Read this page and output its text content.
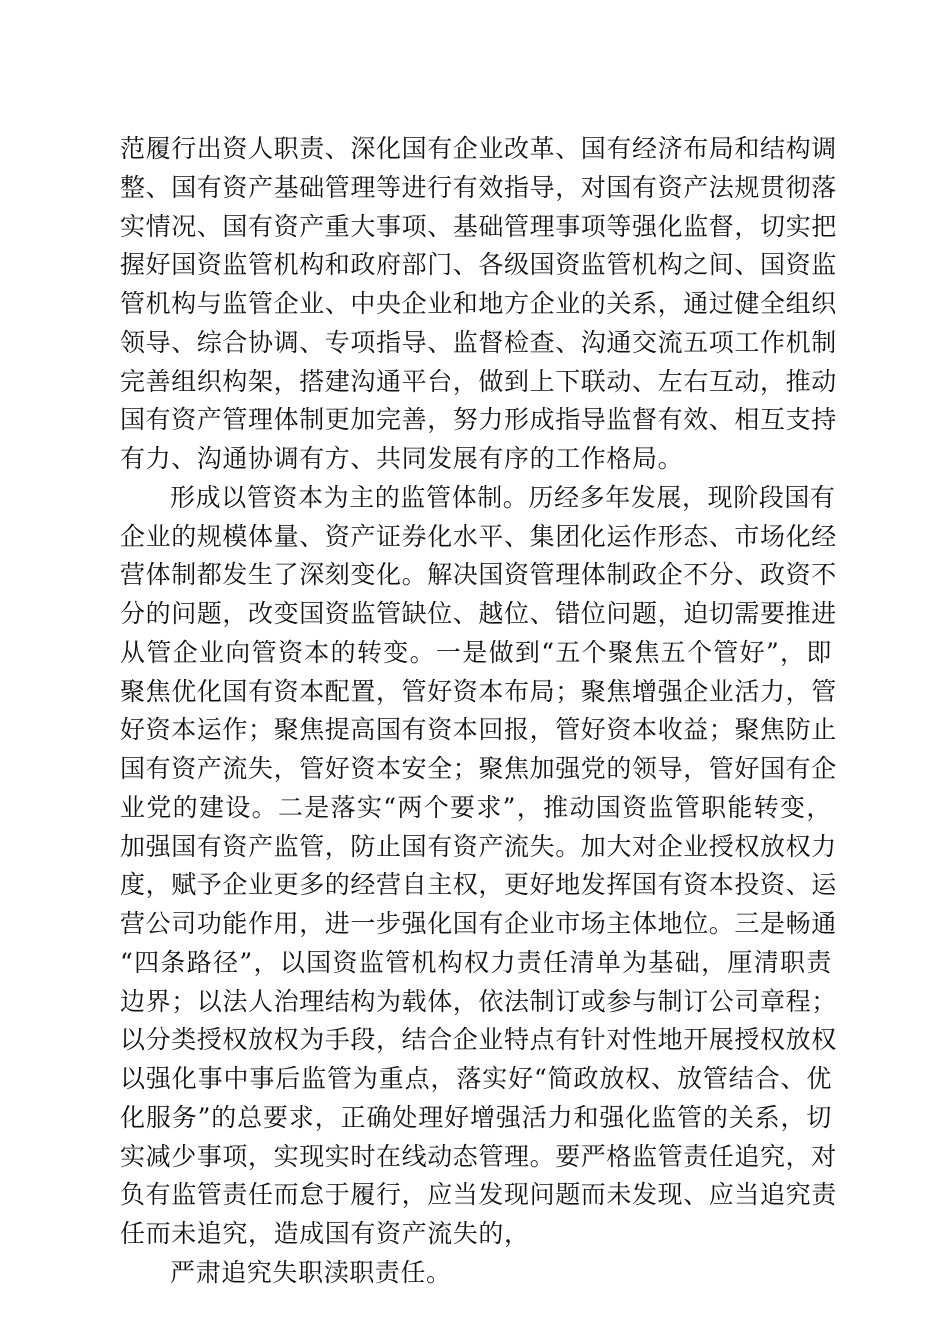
范履行出资人职责、深化国有企业改革、国有经济布局和结构调
整、国有资产基础管理等进行有效指导，对国有资产法规贯彻落
实情况、国有资产重大事项、基础管理事项等强化监督，切实把
握好国资监管机构和政府部门、各级国资监管机构之间、国资监
管机构与监管企业、中央企业和地方企业的关系，通过健全组织
领导、综合协调、专项指导、监督检查、沟通交流五项工作机制
完善组织构架，搭建沟通平台，做到上下联动、左右互动，推动
国有资产管理体制更加完善，努力形成指导监督有效、相互支持
有力、沟通协调有方、共同发展有序的工作格局。
形成以管资本为主的监管体制。历经多年发展，现阶段国有
企业的规模体量、资产证券化水平、集团化运作形态、市场化经
营体制都发生了深刻变化。解决国资管理体制政企不分、政资不
分的问题，改变国资监管缺位、越位、错位问题，迫切需要推进
从管企业向管资本的转变。一是做到“五个聚焦五个管好”，即
聚焦优化国有资本配置，管好资本布局；聚焦增强企业活力，管
好资本运作；聚焦提高国有资本回报，管好资本收益；聚焦防止
国有资产流失，管好资本安全；聚焦加强党的领导，管好国有企
业党的建设。二是落实“两个要求”，推动国资监管职能转变，
加强国有资产监管，防止国有资产流失。加大对企业授权放权力
度，赋予企业更多的经营自主权，更好地发挥国有资本投资、运
营公司功能作用，进一步强化国有企业市场主体地位。三是畅通
“四条路径”，以国资监管机构权力责任清单为基础，厘清职责
边界；以法人治理结构为载体，依法制订或参与制订公司章程；
以分类授权放权为手段，结合企业特点有针对性地开展授权放权
以强化事中事后监管为重点，落实好“简政放权、放管结合、优
化服务”的总要求，正确处理好增强活力和强化监管的关系，切
实减少事项，实现实时在线动态管理。要严格监管责任追究，对
负有监管责任而怠于履行，应当发现问题而未发现、应当追究责
任而未追究，造成国有资产流失的，
严肃追究失职渎职责任。
